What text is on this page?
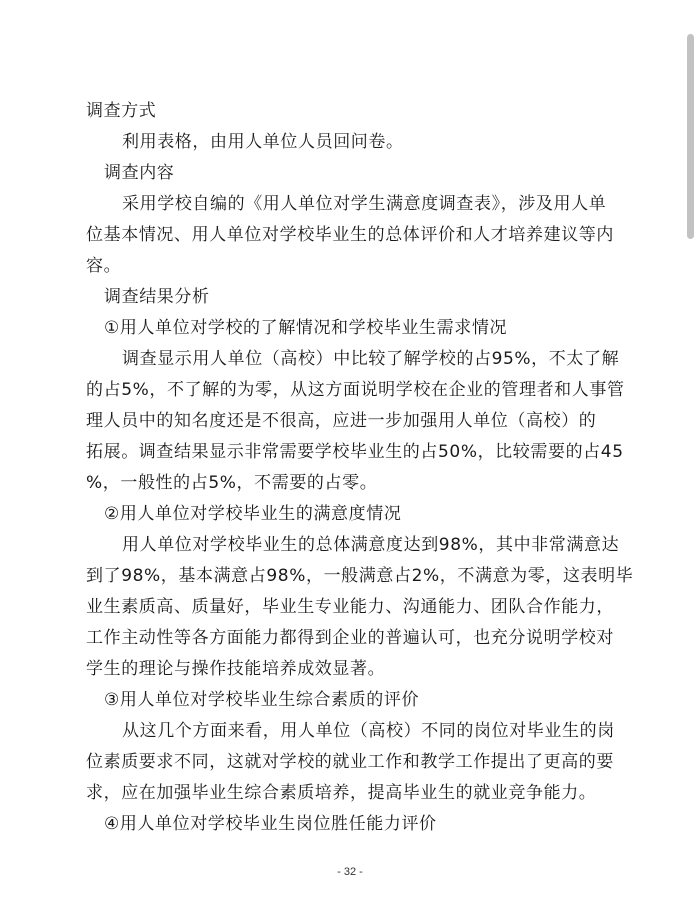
调查方式
利用表格，由用人单位人员回问卷。
调查内容
采用学校自编的《用人单位对学生满意度调查表》，涉及用人单
位基本情况、用人单位对学校毕业生的总体评价和人才培养建议等内
容。
调查结果分析
①用人单位对学校的了解情况和学校毕业生需求情况
调查显示用人单位（高校）中比较了解学校的占95%，不太了解
的占5%，不了解的为零，从这方面说明学校在企业的管理者和人事管
理人员中的知名度还是不很高，应进一步加强用人单位（高校）的
拓展。调查结果显示非常需要学校毕业生的占50%，比较需要的占45
%，一般性的占5%，不需要的占零。
②用人单位对学校毕业生的满意度情况
用人单位对学校毕业生的总体满意度达到98%，其中非常满意达
到了98%，基本满意占98%，一般满意占2%，不满意为零，这表明毕
业生素质高、质量好，毕业生专业能力、沟通能力、团队合作能力，
工作主动性等各方面能力都得到企业的普遍认可，也充分说明学校对
学生的理论与操作技能培养成效显著。
③用人单位对学校毕业生综合素质的评价
从这几个方面来看，用人单位（高校）不同的岗位对毕业生的岗
位素质要求不同，这就对学校的就业工作和教学工作提出了更高的要
求，应在加强毕业生综合素质培养，提高毕业生的就业竞争能力。
④用人单位对学校毕业生岗位胜任能力评价
- 32 -
